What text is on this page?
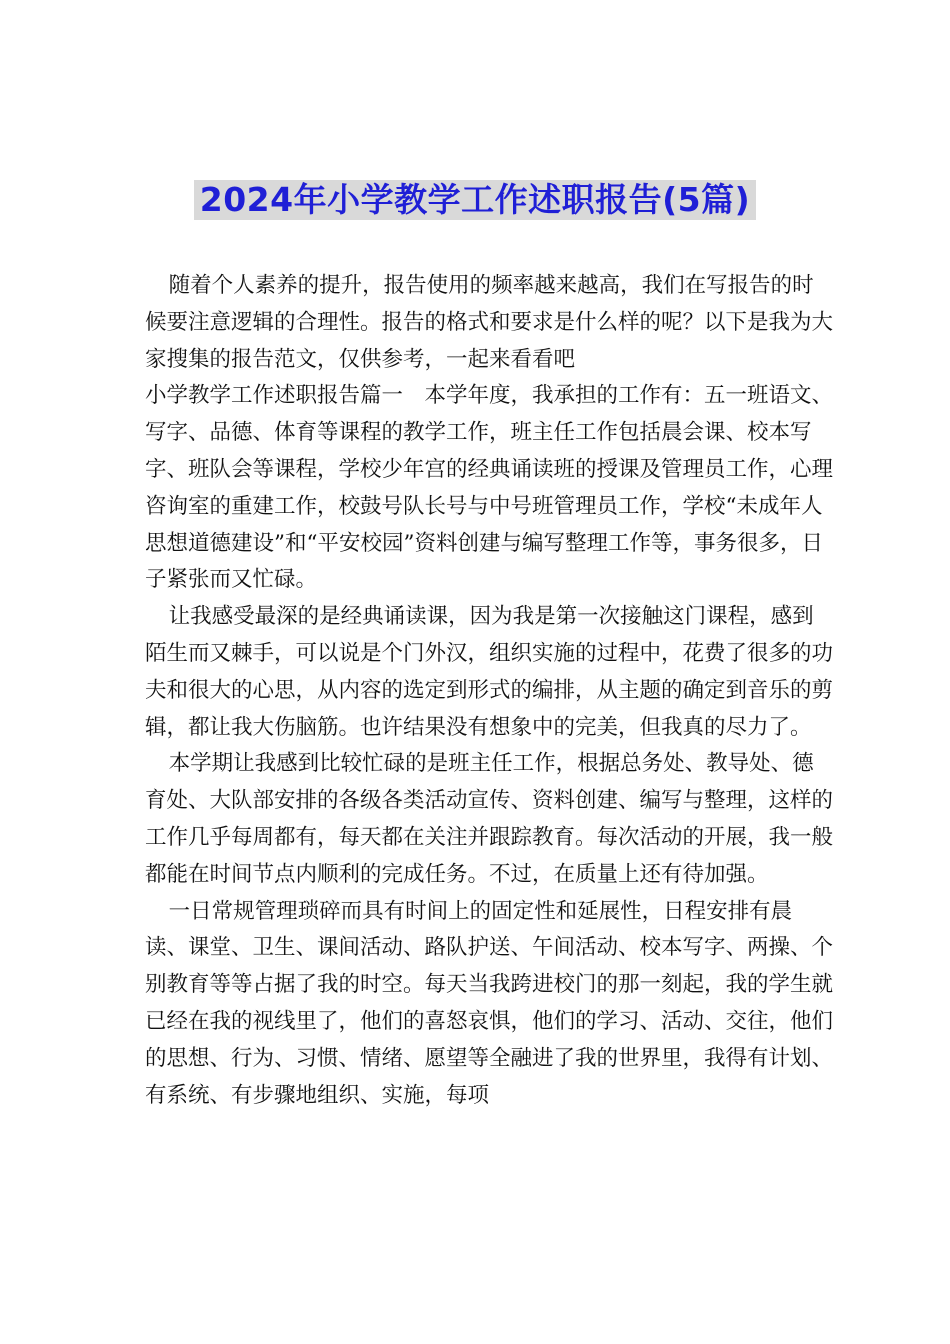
2024年小学教学工作述职报告(5篇)

随着个人素养的提升，报告使用的频率越来越高，我们在写报告的时候要注意逻辑的合理性。报告的格式和要求是什么样的呢？以下是我为大家搜集的报告范文，仅供参考，一起来看看吧

小学教学工作述职报告篇一　本学年度，我承担的工作有：五一班语文、写字、品德、体育等课程的教学工作，班主任工作包括晨会课、校本写字、班队会等课程，学校少年宫的经典诵读班的授课及管理员工作，心理咨询室的重建工作，校鼓号队长号与中号班管理员工作，学校“未成年人思想道德建设”和“平安校园”资料创建与编写整理工作等，事务很多，日子紧张而又忙碌。

让我感受最深的是经典诵读课，因为我是第一次接触这门课程，感到陌生而又棘手，可以说是个门外汉，组织实施的过程中，花费了很多的功夫和很大的心思，从内容的选定到形式的编排，从主题的确定到音乐的剪辑，都让我大伤脑筋。也许结果没有想象中的完美，但我真的尽力了。

本学期让我感到比较忙碌的是班主任工作，根据总务处、教导处、德育处、大队部安排的各级各类活动宣传、资料创建、编写与整理，这样的工作几乎每周都有，每天都在关注并跟踪教育。每次活动的开展，我一般都能在时间节点内顺利的完成任务。不过，在质量上还有待加强。

一日常规管理琐碎而具有时间上的固定性和延展性，日程安排有晨读、课堂、卫生、课间活动、路队护送、午间活动、校本写字、两操、个别教育等等占据了我的时空。每天当我跨进校门的那一刻起，我的学生就已经在我的视线里了，他们的喜怒哀惧，他们的学习、活动、交往，他们的思想、行为、习惯、情绪、愿望等全融进了我的世界里，我得有计划、有系统、有步骤地组织、实施，每项
